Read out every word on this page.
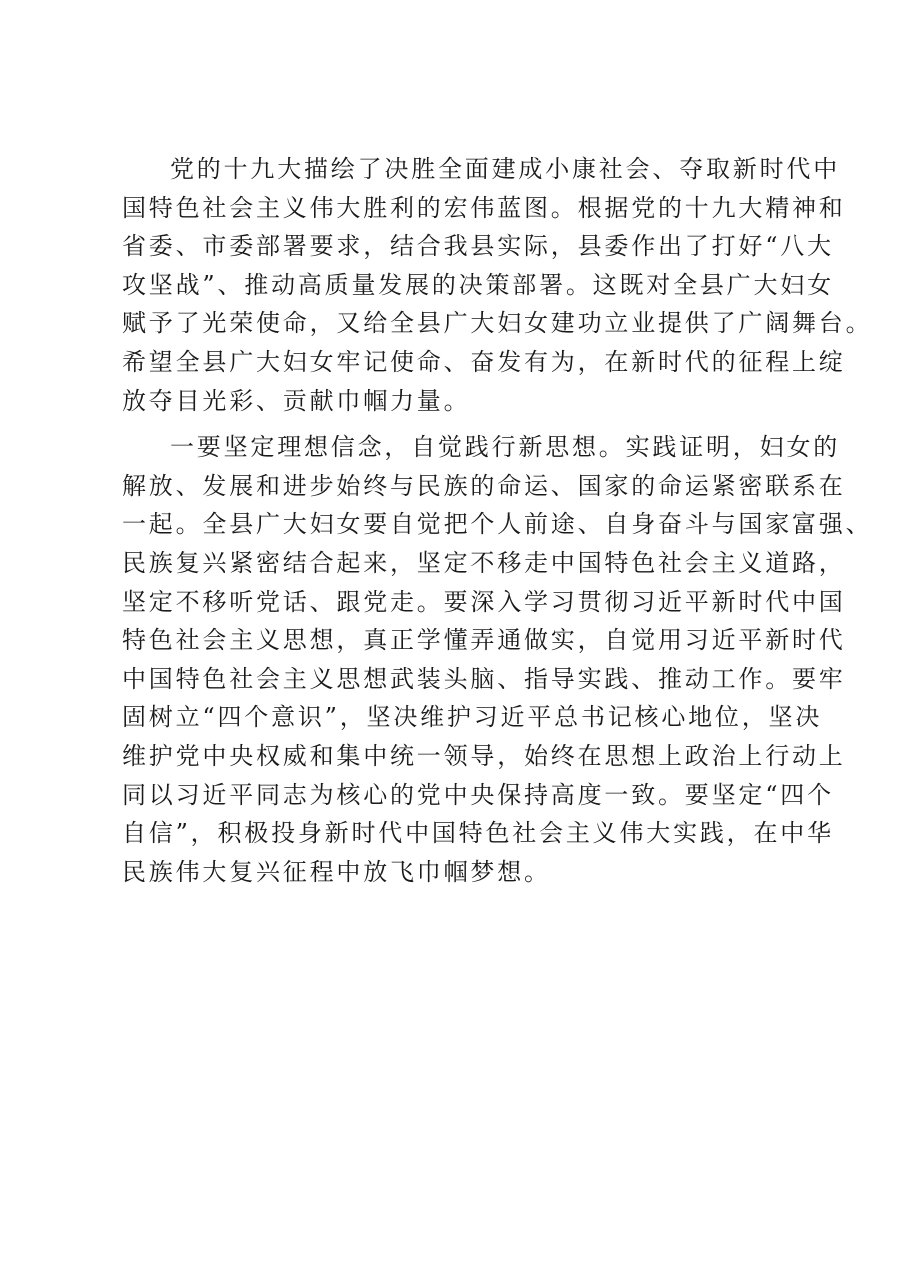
党的十九大描绘了决胜全面建成小康社会、夺取新时代中
国特色社会主义伟大胜利的宏伟蓝图。根据党的十九大精神和
省委、市委部署要求，结合我县实际，县委作出了打好“八大
攻坚战”、推动高质量发展的决策部署。这既对全县广大妇女
赋予了光荣使命，又给全县广大妇女建功立业提供了广阔舞台。
希望全县广大妇女牢记使命、奋发有为，在新时代的征程上绽
放夺目光彩、贡献巾帼力量。
一要坚定理想信念，自觉践行新思想。实践证明，妇女的
解放、发展和进步始终与民族的命运、国家的命运紧密联系在
一起。全县广大妇女要自觉把个人前途、自身奋斗与国家富强、
民族复兴紧密结合起来，坚定不移走中国特色社会主义道路，
坚定不移听党话、跟党走。要深入学习贯彻习近平新时代中国
特色社会主义思想，真正学懂弄通做实，自觉用习近平新时代
中国特色社会主义思想武装头脑、指导实践、推动工作。要牢
固树立“四个意识”，坚决维护习近平总书记核心地位，坚决
维护党中央权威和集中统一领导，始终在思想上政治上行动上
同以习近平同志为核心的党中央保持高度一致。要坚定“四个
自信”，积极投身新时代中国特色社会主义伟大实践，在中华
民族伟大复兴征程中放飞巾帼梦想。
